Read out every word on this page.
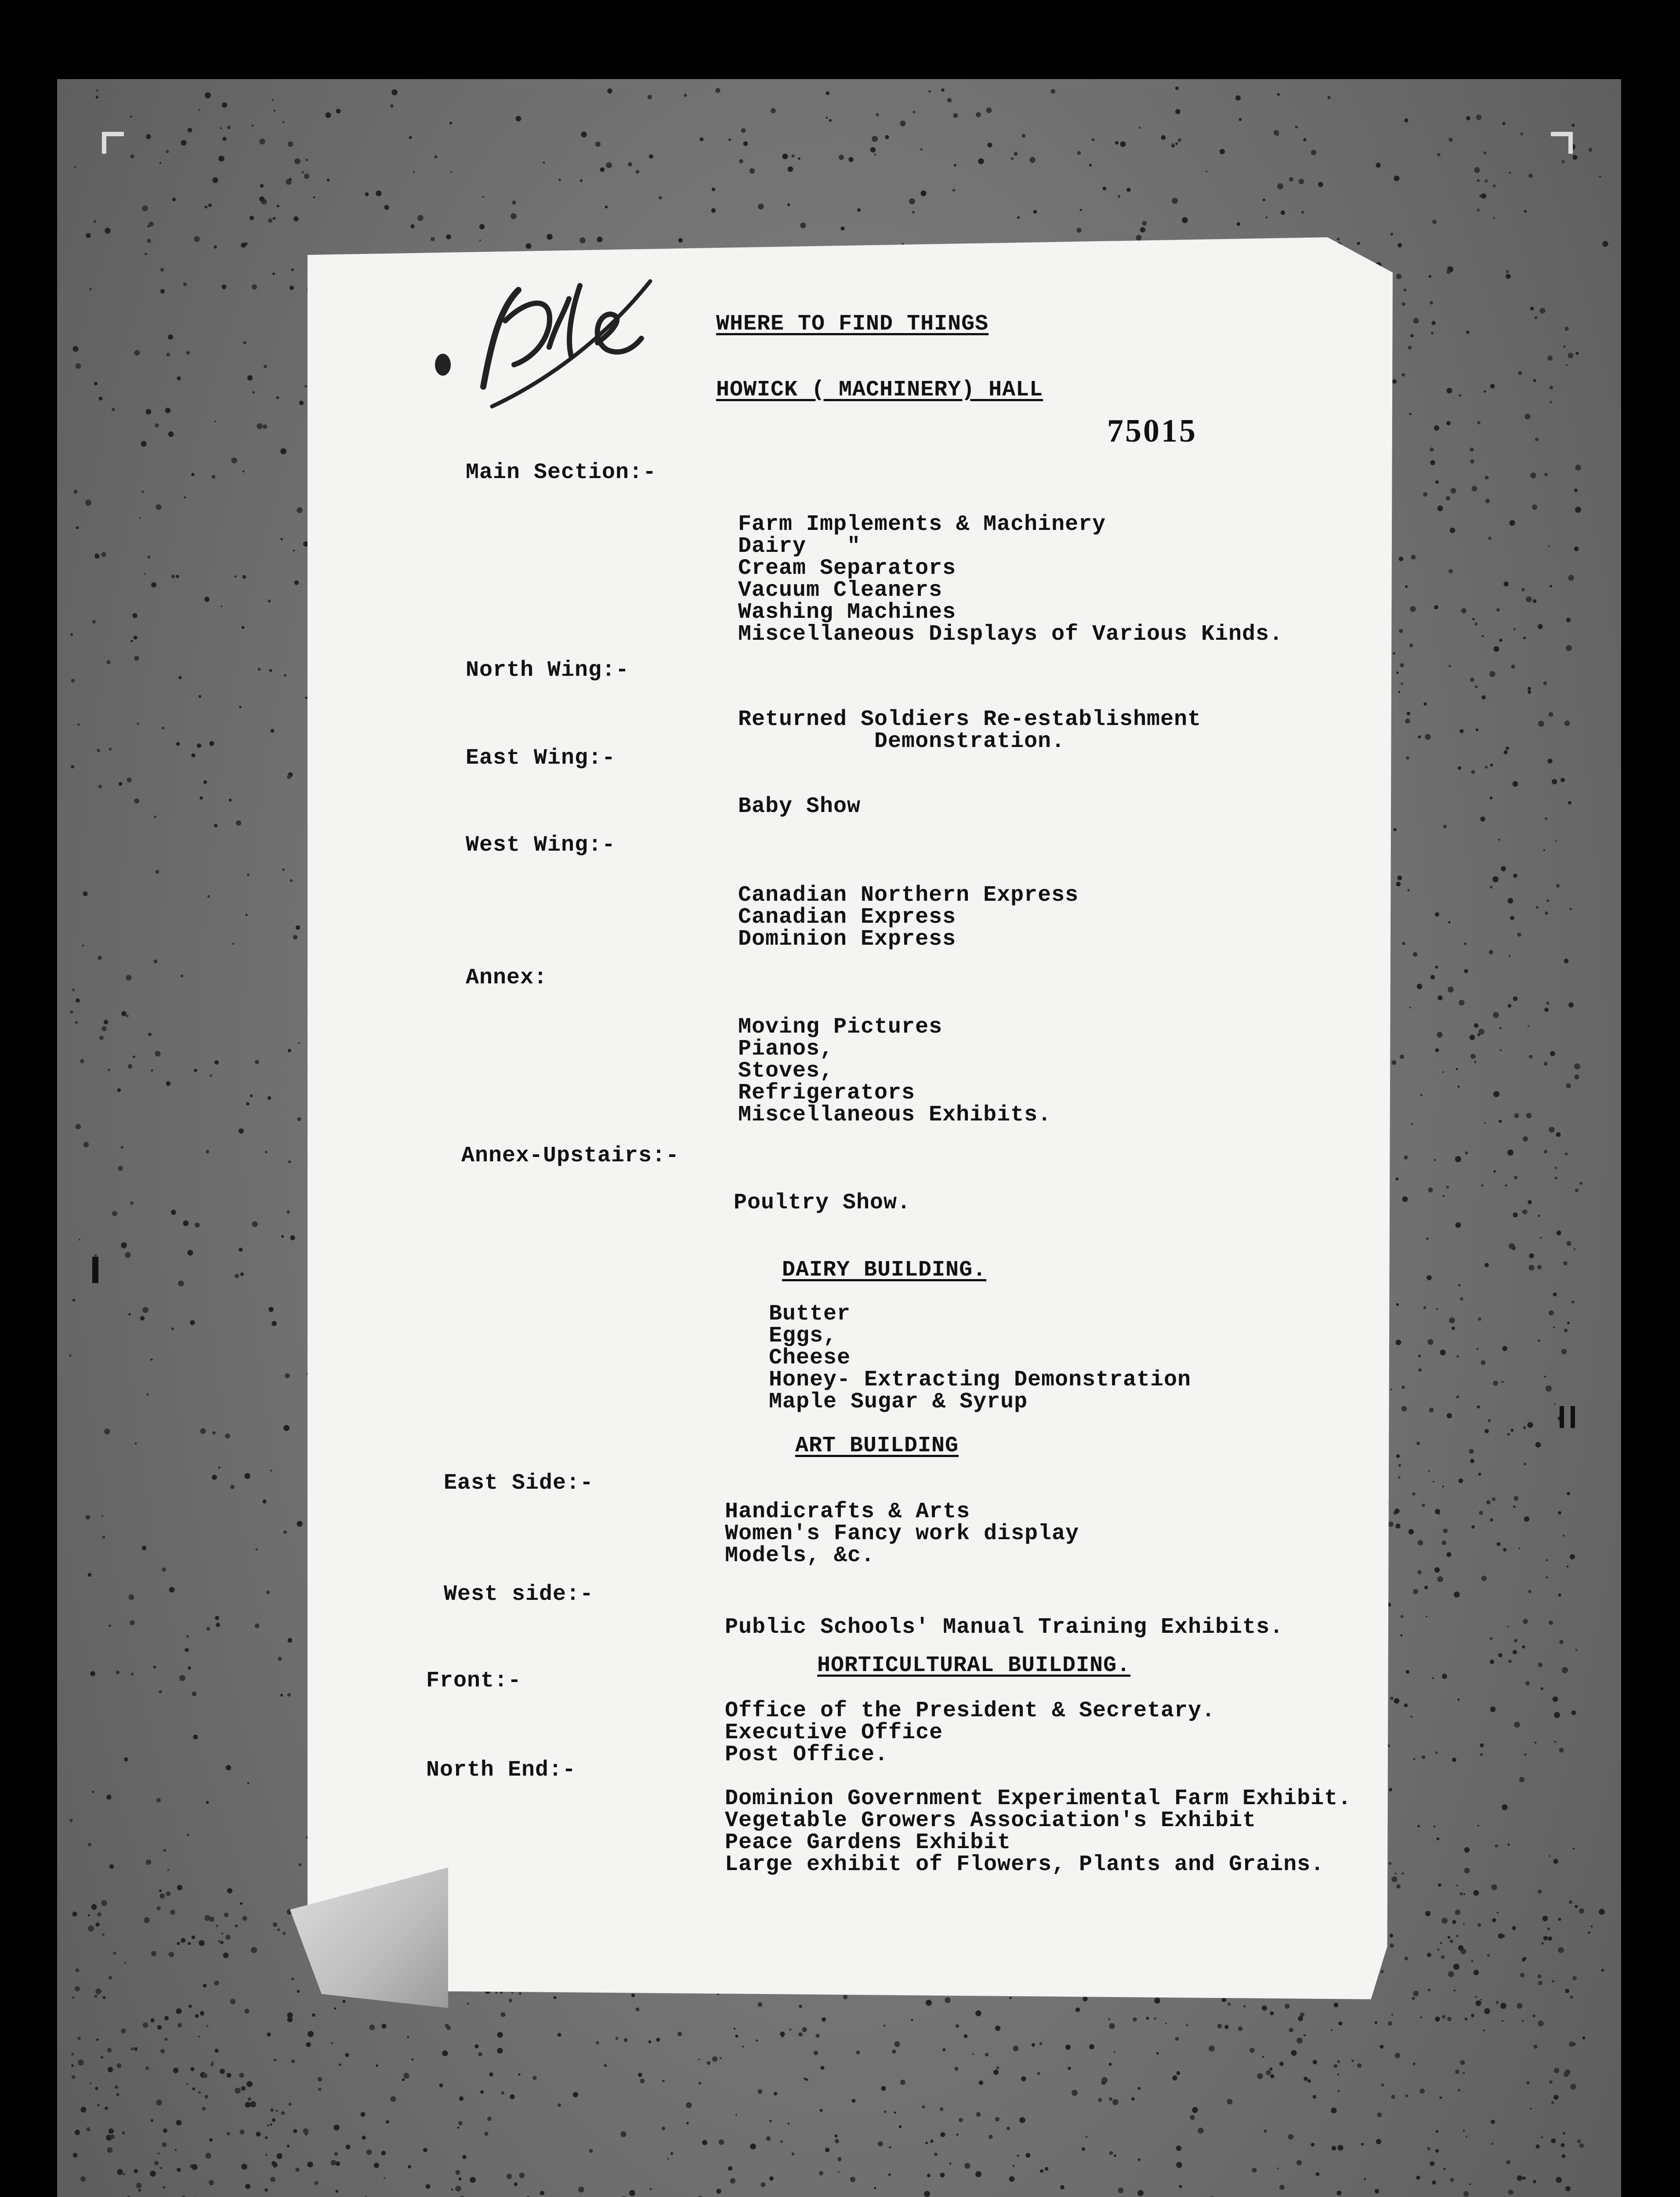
WHERE TO FIND THINGS

HOWICK ( MACHINERY) HALL

75015

Main Section:-

Farm Implements & Machinery

Dairy   "

Cream Separators

Vacuum Cleaners

Washing Machines

Miscellaneous Displays of Various Kinds.

North Wing:-

Returned Soldiers Re-establishment

Demonstration.

East Wing:-

Baby Show

West Wing:-

Canadian Northern Express

Canadian Express

Dominion Express

Annex:

Moving Pictures

Pianos,

Stoves,

Refrigerators

Miscellaneous Exhibits.

Annex-Upstairs:-

Poultry Show.

DAIRY BUILDING.

Butter

Eggs,

Cheese

Honey- Extracting Demonstration

Maple Sugar & Syrup

ART BUILDING

East Side:-

Handicrafts & Arts

Women's Fancy work display

Models, &c.

West side:-

Public Schools' Manual Training Exhibits.

HORTICULTURAL BUILDING.

Front:-

Office of the President & Secretary.

Executive Office

Post Office.

North End:-

Dominion Government Experimental Farm Exhibit.

Vegetable Growers Association's Exhibit

Peace Gardens Exhibit

Large exhibit of Flowers, Plants and Grains.
